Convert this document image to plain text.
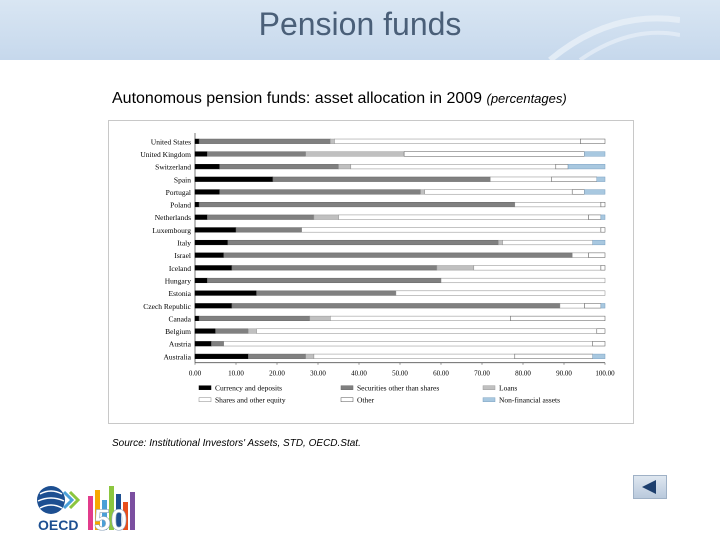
Pension funds
Autonomous pension funds: asset allocation in 2009 (percentages)
United States
United Kingdom
Switzerland
Spain
Portugal
Poland
Netherlands
Luxembourg
Italy
Israel
Iceland
Hungary
Estonia
Czech Republic
Canada
Belgium
Austria
Australia
0.00	10.00	20.00	30.00	40.00	50.00	60.00	70.00	80.00	90.00	100.00
Currency and deposits	Securities other than shares	Loans
Shares and other equity	Other	Non-financial assets
Source: Institutional Investors' Assets, STD, OECD.Stat.
OECD 50
